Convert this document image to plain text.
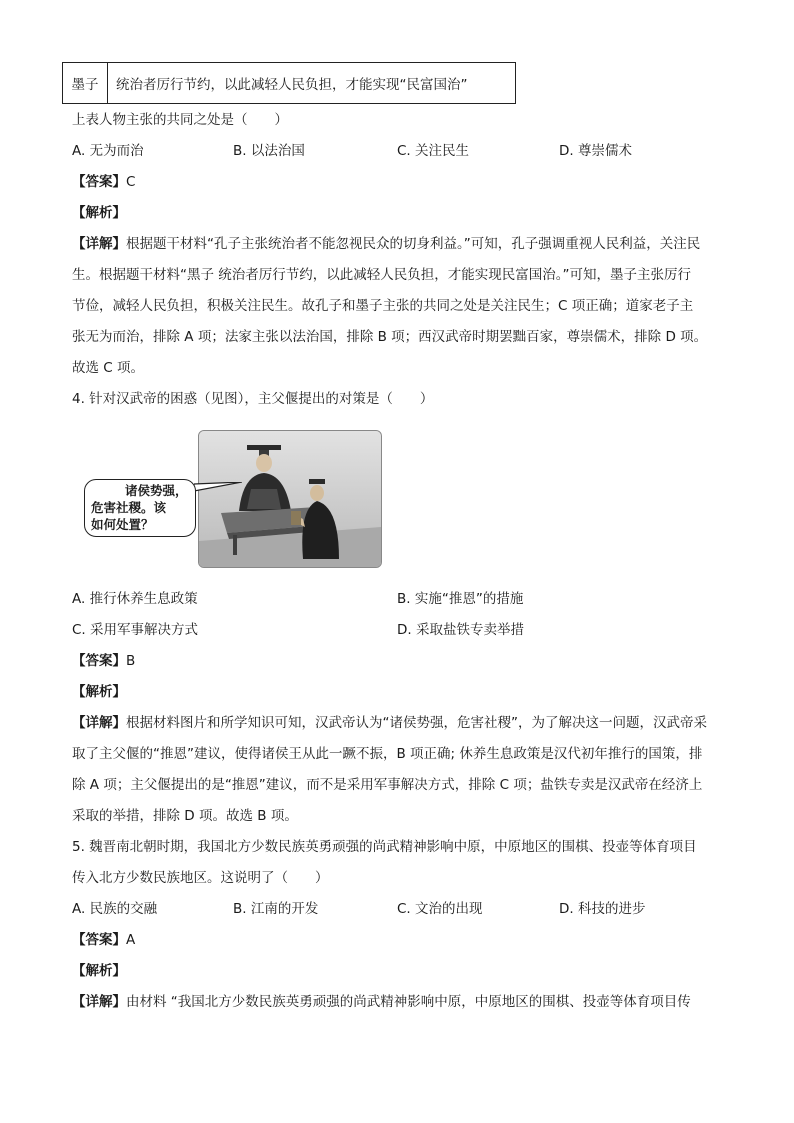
墨子	统治者厉行节约，以此减轻人民负担，才能实现“民富国治”
上表人物主张的共同之处是（　　）
A. 无为而治	B. 以法治国	C. 关注民生	D. 尊崇儒术
【答案】C
【解析】
【详解】根据题干材料“孔子主张统治者不能忽视民众的切身利益。”可知，孔子强调重视人民利益，关注民
生。根据题干材料“黑子 统治者厉行节约，以此减轻人民负担，才能实现民富国治。”可知，墨子主张厉行
节俭，减轻人民负担，积极关注民生。故孔子和墨子主张的共同之处是关注民生；C 项正确；道家老子主
张无为而治，排除 A 项；法家主张以法治国，排除 B 项；西汉武帝时期罢黜百家，尊崇儒术，排除 D 项。
故选 C 项。
4. 针对汉武帝的困惑（见图），主父偃提出的对策是（　　）
诸侯势强，
危害社稷。该
如何处置？
A. 推行休养生息政策	B. 实施“推恩”的措施
C. 采用军事解决方式	D. 采取盐铁专卖举措
【答案】B
【解析】
【详解】根据材料图片和所学知识可知，汉武帝认为“诸侯势强，危害社稷”，为了解决这一问题，汉武帝采
取了主父偃的“推恩”建议，使得诸侯王从此一蹶不振，B 项正确; 休养生息政策是汉代初年推行的国策，排
除 A 项；主父偃提出的是“推恩”建议，而不是采用军事解决方式，排除 C 项；盐铁专卖是汉武帝在经济上
采取的举措，排除 D 项。故选 B 项。
5. 魏晋南北朝时期，我国北方少数民族英勇顽强的尚武精神影响中原，中原地区的围棋、投壶等体育项目
传入北方少数民族地区。这说明了（　　）
A. 民族的交融	B. 江南的开发	C. 文治的出现	D. 科技的进步
【答案】A
【解析】
【详解】由材料 “我国北方少数民族英勇顽强的尚武精神影响中原，中原地区的围棋、投壶等体育项目传
